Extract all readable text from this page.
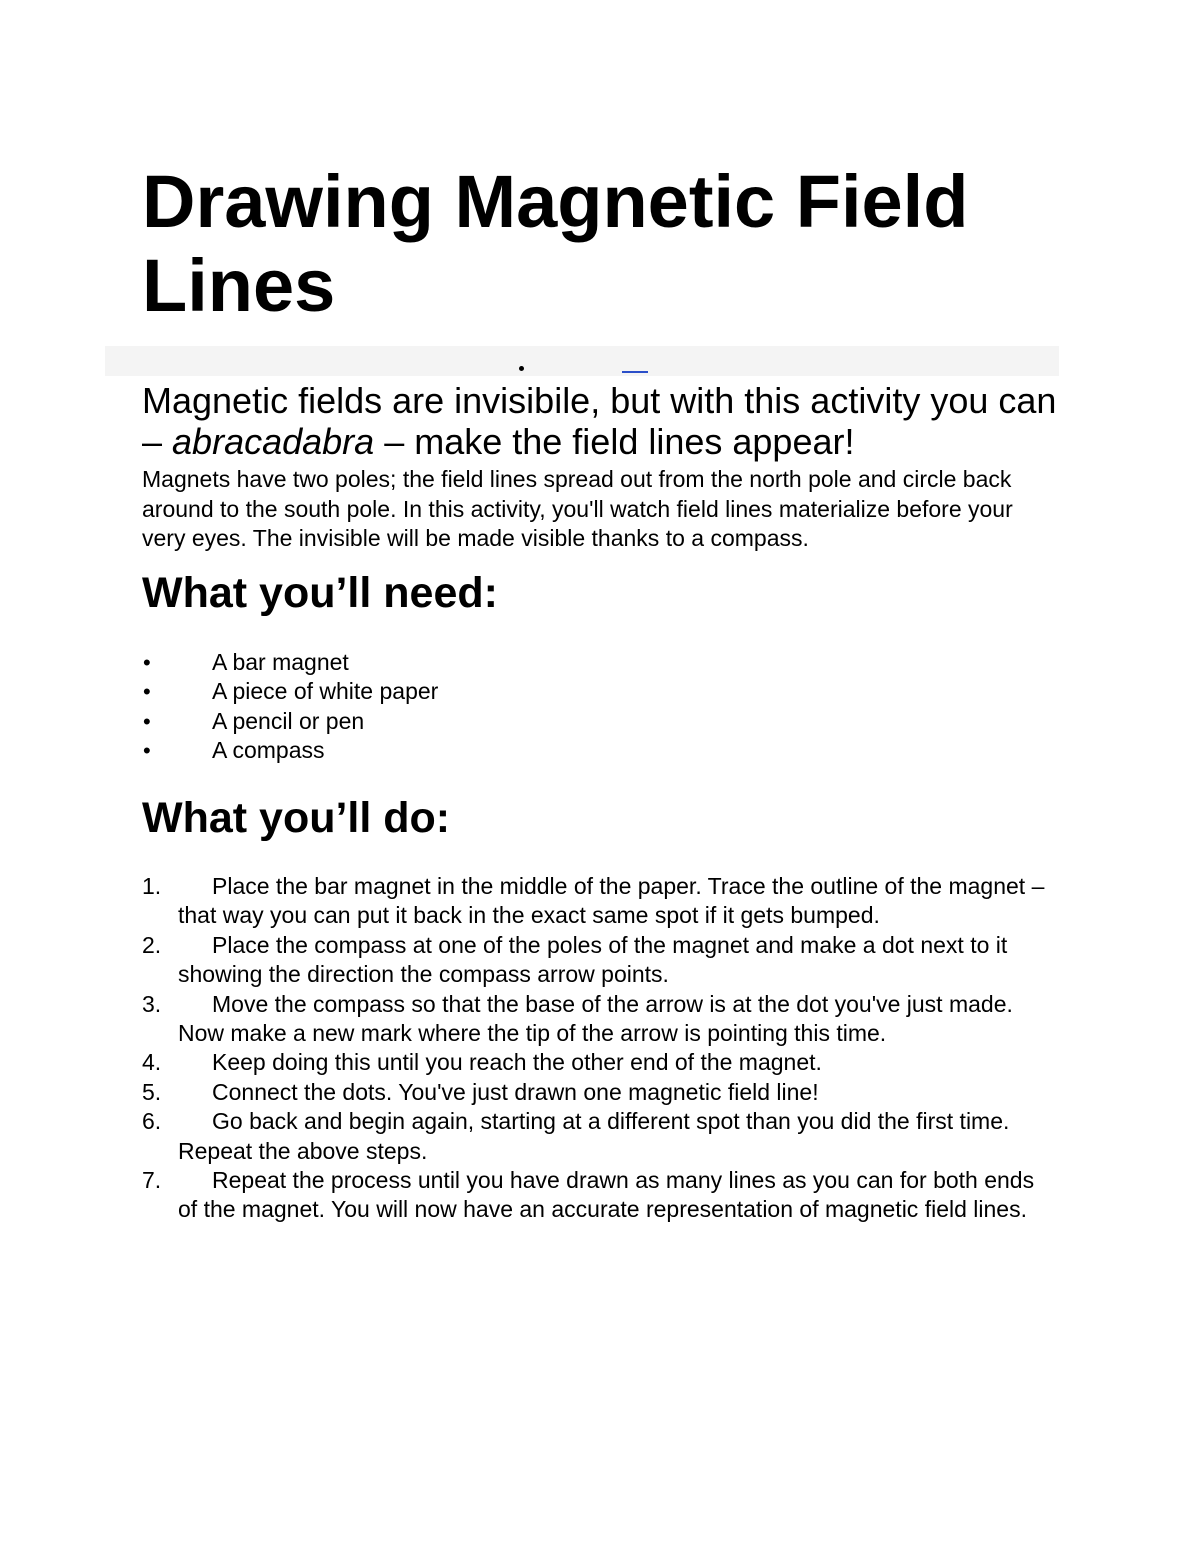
Drawing Magnetic Field Lines

Magnetic fields are invisibile, but with this activity you can – abracadabra – make the field lines appear!

Magnets have two poles; the field lines spread out from the north pole and circle back around to the south pole. In this activity, you'll watch field lines materialize before your very eyes. The invisible will be made visible thanks to a compass.

What you’ll need:
•	A bar magnet
•	A piece of white paper
•	A pencil or pen
•	A compass
What you’ll do:
1.	Place the bar magnet in the middle of the paper. Trace the outline of the magnet – that way you can put it back in the exact same spot if it gets bumped.
2.	Place the compass at one of the poles of the magnet and make a dot next to it showing the direction the compass arrow points.
3.	Move the compass so that the base of the arrow is at the dot you've just made. Now make a new mark where the tip of the arrow is pointing this time.
4.	Keep doing this until you reach the other end of the magnet.
5.	Connect the dots. You've just drawn one magnetic field line!
6.	Go back and begin again, starting at a different spot than you did the first time. Repeat the above steps.
7.	Repeat the process until you have drawn as many lines as you can for both ends of the magnet. You will now have an accurate representation of magnetic field lines.
